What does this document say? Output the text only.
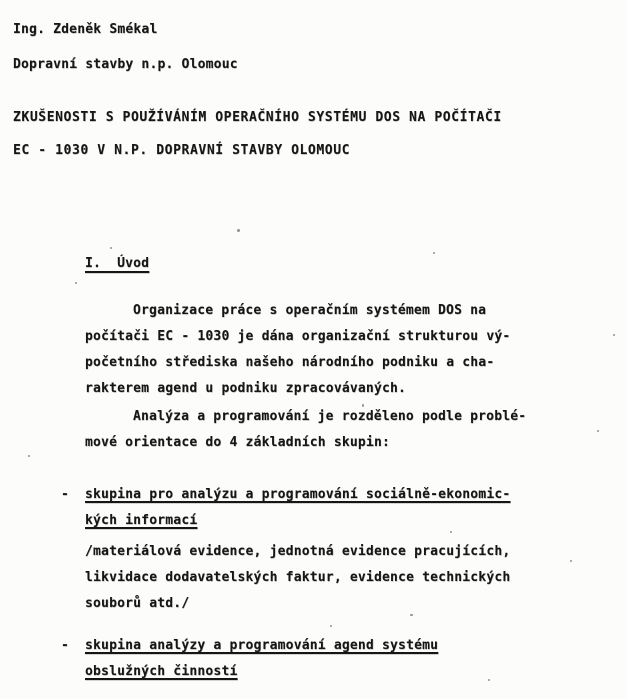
Ing. Zdeněk Smékal
Dopravní stavby n.p. Olomouc
ZKUŠENOSTI S POUŽÍVÁNÍM OPERAČNÍHO SYSTÉMU DOS NA POČÍTAČI
EC - 1030 V N.P. DOPRAVNÍ STAVBY OLOMOUC
I.  Úvod
Organizace práce s operačním systémem DOS na
počítači EC - 1030 je dána organizační strukturou vý-
početního střediska našeho národního podniku a cha-
rakterem agend u podniku zpracovávaných.
Analýza a programování je rozděleno podle problé-
mové orientace do 4 základních skupin:
- skupina pro analýzu a programování sociálně-ekonomic-
kých informací
/materiálová evidence, jednotná evidence pracujících,
likvidace dodavatelských faktur, evidence technických
souborů atd./
- skupina analýzy a programování agend systému
obslužných činností
